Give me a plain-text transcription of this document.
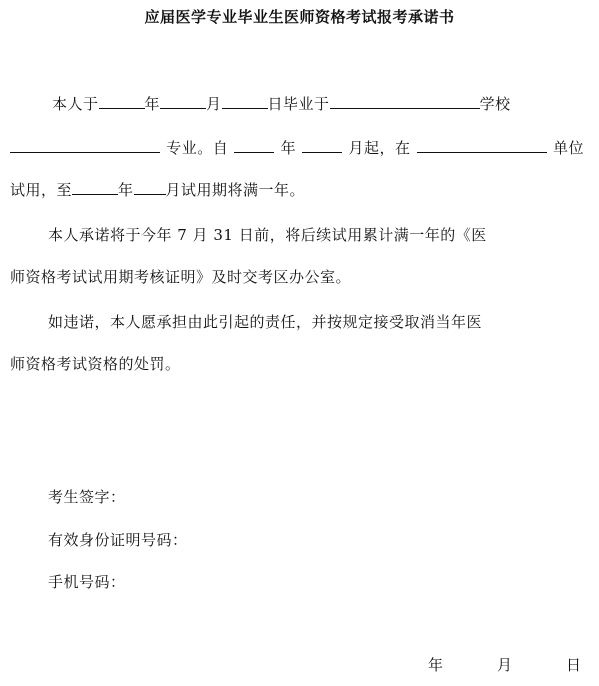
应届医学专业毕业生医师资格考试报考承诺书
本人于	年	月	日毕业于	学校
专业。自	年	月起，在	单位
试用，至	年 月试用期将满一年。
本人承诺将于今年 7 月 31 日前，将后续试用累计满一年的《医
师资格考试试用期考核证明》及时交考区办公室。
如违诺，本人愿承担由此引起的责任，并按规定接受取消当年医
师资格考试资格的处罚。
考生签字：
有效身份证明号码：
手机号码：
年	月	日
